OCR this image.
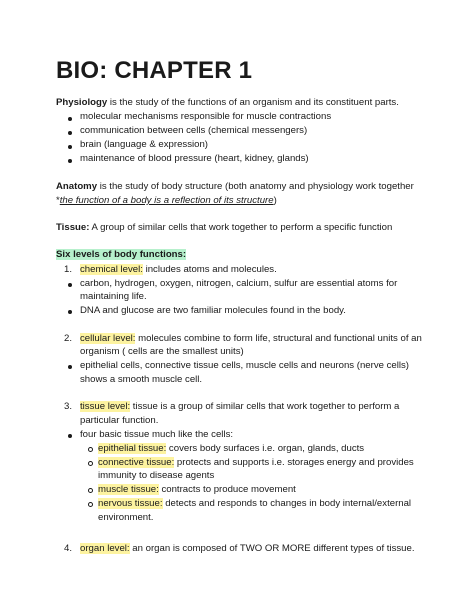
BIO: CHAPTER 1
Physiology is the study of the functions of an organism and its constituent parts.
molecular mechanisms responsible for muscle contractions
communication between cells (chemical messengers)
brain (language & expression)
maintenance of blood pressure (heart, kidney, glands)
Anatomy is the study of body structure (both anatomy and physiology work together
*the function of a body is a reflection of its structure)
Tissue: A group of similar cells that work together to perform a specific function
Six levels of body functions:
1. chemical level: includes atoms and molecules.
carbon, hydrogen, oxygen, nitrogen, calcium, sulfur are essential atoms for
maintaining life.
DNA and glucose are two familiar molecules found in the body.
2. cellular level: molecules combine to form life, structural and functional units of an
organism ( cells are the smallest units)
epithelial cells, connective tissue cells, muscle cells and neurons (nerve cells)
shows a smooth muscle cell.
3. tissue level: tissue is a group of similar cells that work together to perform a
particular function.
four basic tissue much like the cells:
epithelial tissue: covers body surfaces i.e. organ, glands, ducts
connective tissue: protects and supports i.e. storages energy and provides
immunity to disease agents
muscle tissue: contracts to produce movement
nervous tissue: detects and responds to changes in body internal/external
environment.
4. organ level: an organ is composed of TWO OR MORE different types of tissue.
